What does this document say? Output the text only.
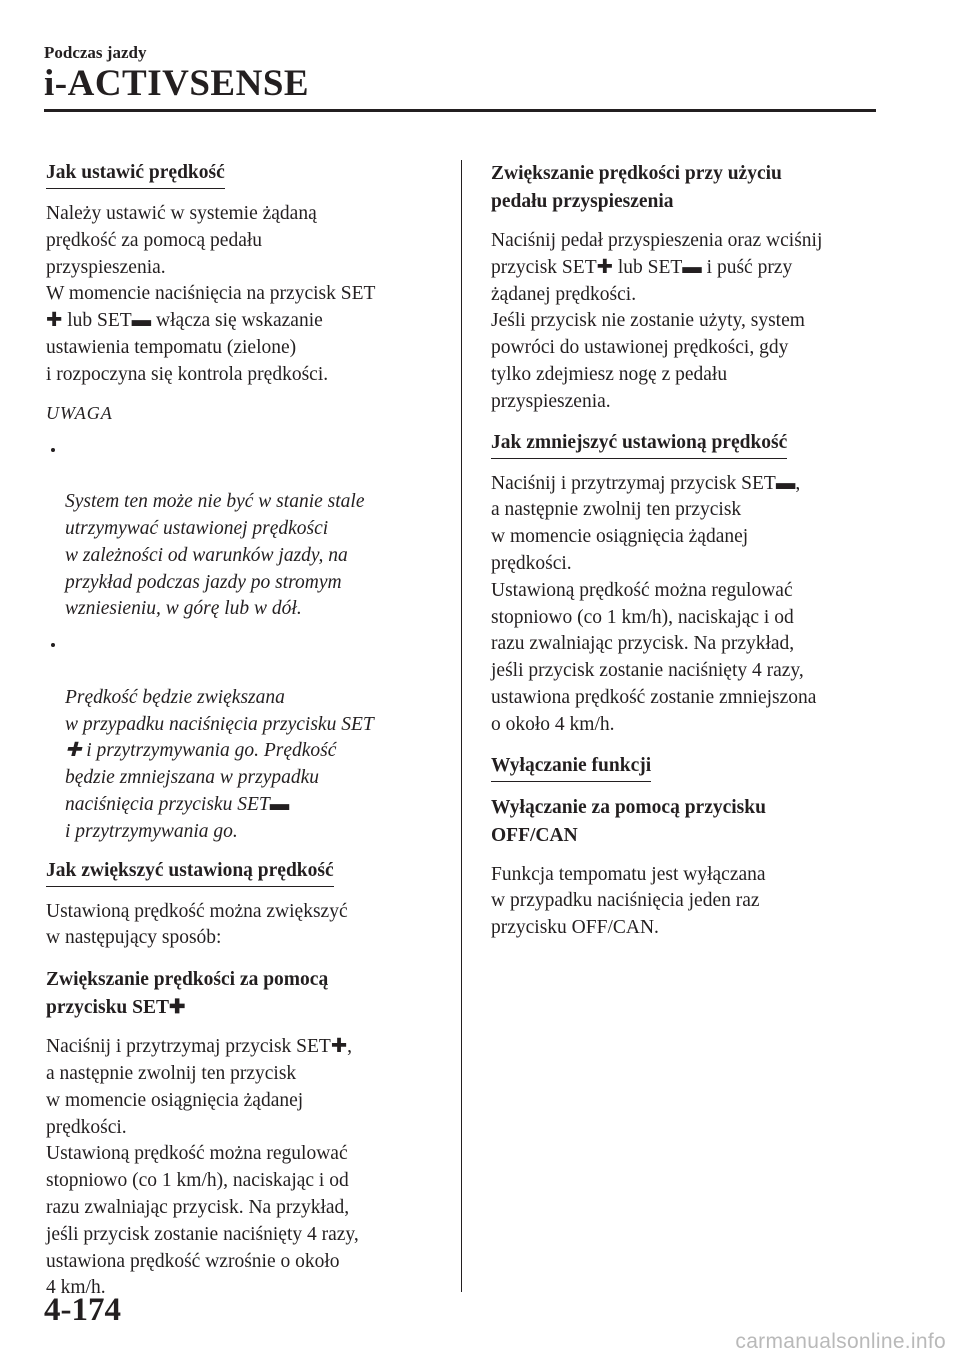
Podczas jazdy
i-ACTIVSENSE
Jak ustawić prędkość

Należy ustawić w systemie żądaną
prędkość za pomocą pedału
przyspieszenia.
W momencie naciśnięcia na przycisk SET
✚ lub SET▬ włącza się wskazanie
ustawienia tempomatu (zielone)
i rozpoczyna się kontrola prędkości.

UWAGA

System ten może nie być w stanie stale
utrzymywać ustawionej prędkości
w zależności od warunków jazdy, na
przykład podczas jazdy po stromym
wzniesieniu, w górę lub w dół.

Prędkość będzie zwiększana
w przypadku naciśnięcia przycisku SET
✚ i przytrzymywania go. Prędkość
będzie zmniejszana w przypadku
naciśnięcia przycisku SET▬
i przytrzymywania go.

Jak zwiększyć ustawioną prędkość

Ustawioną prędkość można zwiększyć
w następujący sposób:

Zwiększanie prędkości za pomocą
przycisku SET✚

Naciśnij i przytrzymaj przycisk SET✚,
a następnie zwolnij ten przycisk
w momencie osiągnięcia żądanej
prędkości.
Ustawioną prędkość można regulować
stopniowo (co 1 km/h), naciskając i od
razu zwalniając przycisk. Na przykład,
jeśli przycisk zostanie naciśnięty 4 razy,
ustawiona prędkość wzrośnie o około
4 km/h.

Zwiększanie prędkości przy użyciu
pedału przyspieszenia

Naciśnij pedał przyspieszenia oraz wciśnij
przycisk SET✚ lub SET▬ i puść przy
żądanej prędkości.
Jeśli przycisk nie zostanie użyty, system
powróci do ustawionej prędkości, gdy
tylko zdejmiesz nogę z pedału
przyspieszenia.

Jak zmniejszyć ustawioną prędkość

Naciśnij i przytrzymaj przycisk SET▬,
a następnie zwolnij ten przycisk
w momencie osiągnięcia żądanej
prędkości.
Ustawioną prędkość można regulować
stopniowo (co 1 km/h), naciskając i od
razu zwalniając przycisk. Na przykład,
jeśli przycisk zostanie naciśnięty 4 razy,
ustawiona prędkość zostanie zmniejszona
o około 4 km/h.

Wyłączanie funkcji
Wyłączanie za pomocą przycisku
OFF/CAN

Funkcja tempomatu jest wyłączana
w przypadku naciśnięcia jeden raz
przycisku OFF/CAN.

4-174
carmanualsonline.info
